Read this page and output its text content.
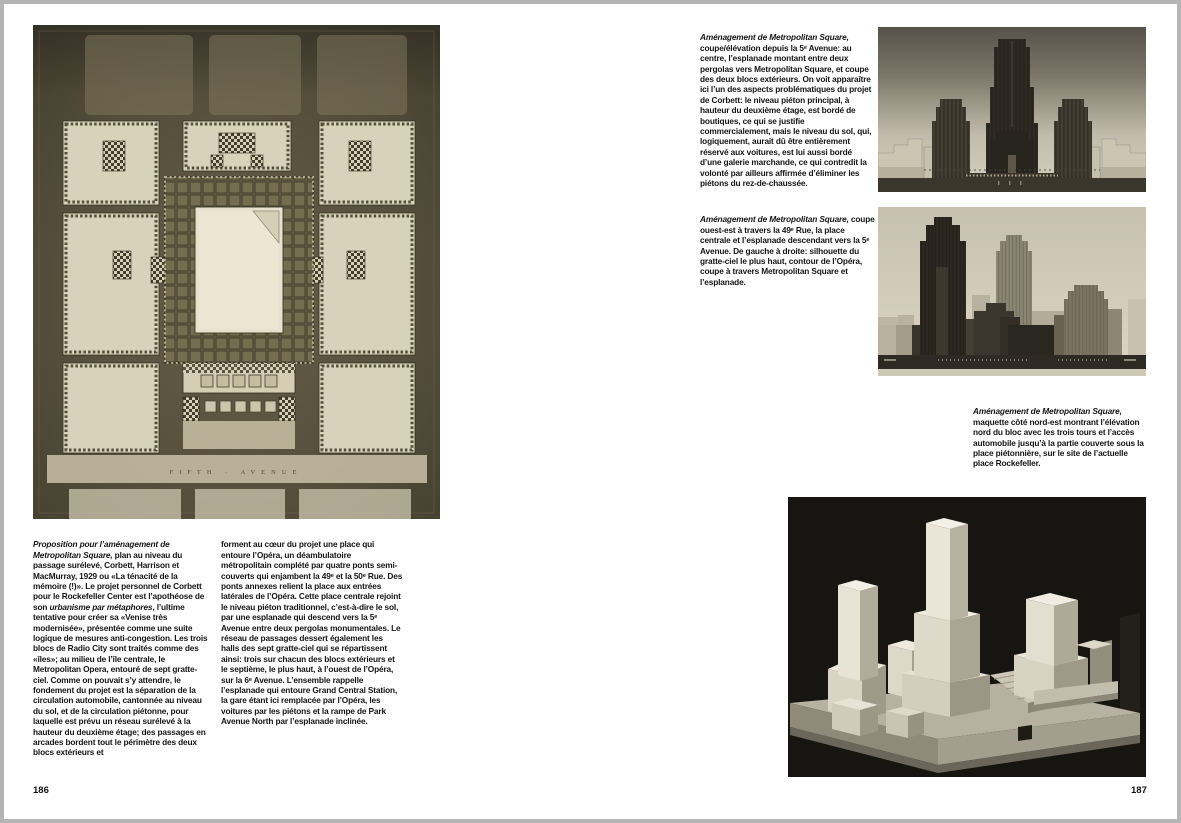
FIFTH · AVENUE

Proposition pour l’aménagement de Metropolitan Square, plan au niveau du passage surélevé, Corbett, Harrison et MacMurray, 1929 ou «La ténacité de la mémoire (!)». Le projet personnel de Corbett pour le Rockefeller Center est l’apothéose de son urbanisme par métaphores, l’ultime tentative pour créer sa «Venise très modernisée», présentée comme une suite logique de mesures anti-congestion. Les trois blocs de Radio City sont traités comme des «îles»; au milieu de l’île centrale, le Metropolitan Opera, entouré de sept gratte-ciel. Comme on pouvait s’y attendre, le fondement du projet est la séparation de la circulation automobile, cantonnée au niveau du sol, et de la circulation piétonne, pour laquelle est prévu un réseau surélevé à la hauteur du deuxième étage; des passages en arcades bordent tout le périmètre des deux blocs extérieurs et

forment au cœur du projet une place qui entoure l’Opéra, un déambulatoire métropolitain complété par quatre ponts semi-couverts qui enjambent la 49ᵉ et la 50ᵉ Rue. Des ponts annexes relient la place aux entrées latérales de l’Opéra. Cette place centrale rejoint le niveau piéton traditionnel, c’est-à-dire le sol, par une esplanade qui descend vers la 5ᵉ Avenue entre deux pergolas monumentales. Le réseau de passages dessert également les halls des sept gratte-ciel qui se répartissent ainsi: trois sur chacun des blocs extérieurs et le septième, le plus haut, à l’ouest de l’Opéra, sur la 6ᵉ Avenue. L’ensemble rappelle l’esplanade qui entoure Grand Central Station, la gare étant ici remplacée par l’Opéra, les voitures par les piétons et la rampe de Park Avenue North par l’esplanade inclinée.

186

Aménagement de Metropolitan Square, coupe/élévation depuis la 5ᵉ Avenue: au centre, l’esplanade montant entre deux pergolas vers Metropolitan Square, et coupe des deux blocs extérieurs. On voit apparaître ici l’un des aspects problématiques du projet de Corbett: le niveau piéton principal, à hauteur du deuxième étage, est bordé de boutiques, ce qui se justifie commercialement, mais le niveau du sol, qui, logiquement, aurait dû être entièrement réservé aux voitures, est lui aussi bordé d’une galerie marchande, ce qui contredit la volonté par ailleurs affirmée d’éliminer les piétons du rez-de-chaussée.

Aménagement de Metropolitan Square, coupe ouest-est à travers la 49ᵉ Rue, la place centrale et l’esplanade descendant vers la 5ᵉ Avenue. De gauche à droite: silhouette du gratte-ciel le plus haut, contour de l’Opéra, coupe à travers Metropolitan Square et l’esplanade.

Aménagement de Metropolitan Square, maquette côté nord-est montrant l’élévation nord du bloc avec les trois tours et l’accès automobile jusqu’à la partie couverte sous la place piétonnière, sur le site de l’actuelle place Rockefeller.

187
